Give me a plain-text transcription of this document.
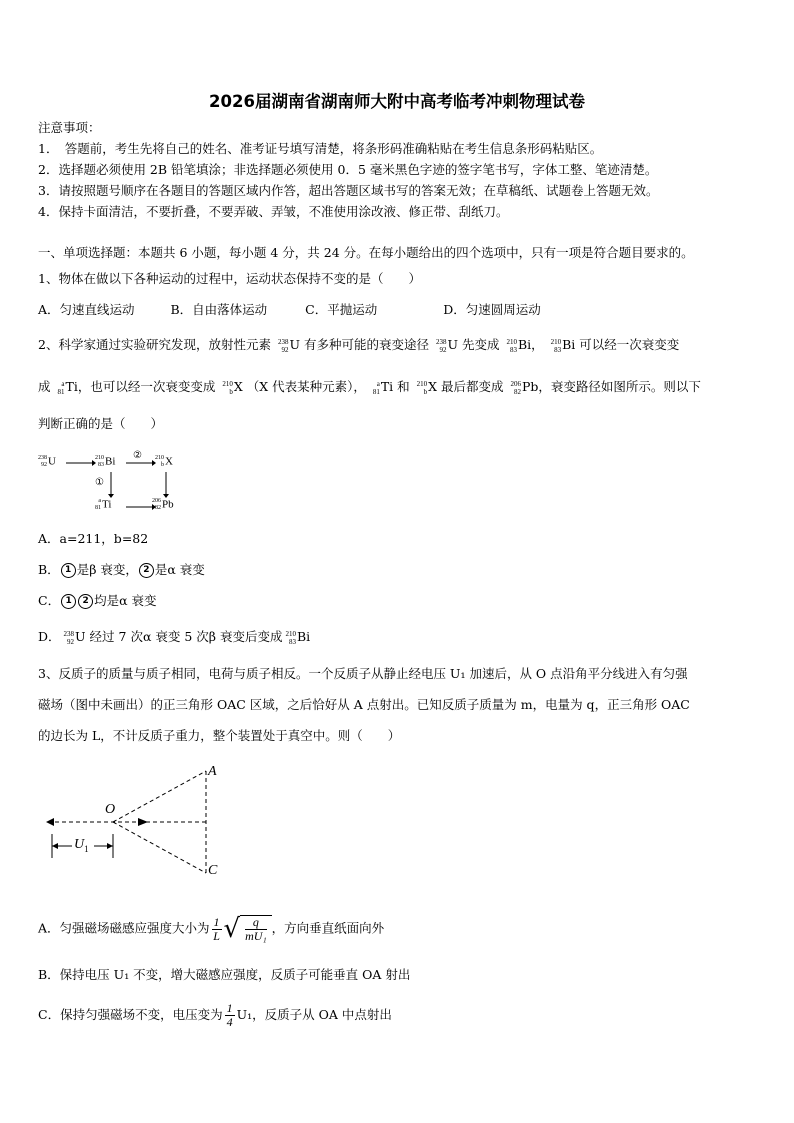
2026届湖南省湖南师大附中高考临考冲刺物理试卷
注意事项：
1．　答题前，考生先将自己的姓名、准考证号填写清楚，将条形码准确粘贴在考生信息条形码粘贴区。
2．选择题必须使用 2B 铅笔填涂；非选择题必须使用 0．5 毫米黑色字迹的签字笔书写，字体工整、笔迹清楚。
3．请按照题号顺序在各题目的答题区域内作答，超出答题区域书写的答案无效；在草稿纸、试题卷上答题无效。
4．保持卡面清洁，不要折叠，不要弄破、弄皱，不准使用涂改液、修正带、刮纸刀。
一、单项选择题：本题共 6 小题，每小题 4 分，共 24 分。在每小题给出的四个选项中，只有一项是符合题目要求的。
1、物体在做以下各种运动的过程中，运动状态保持不变的是（　　）
A．匀速直线运动	B．自由落体运动	C．平抛运动	D．匀速圆周运动
2、科学家通过实验研究发现，放射性元素 238
92 U 有多种可能的衰变途径 238
92 U 先变成 210
83 Bi， 210
83 Bi 可以经一次衰变变
成	a
81 Ti，也可以经一次衰变变成 210
b X （X 代表某种元素），	a
81 Ti 和 210
b X 最后都变成 206
82 Pb，衰变路径如图所示。则以下
判断正确的是（　　）
238
92 U	210
83 Bi
② 210
b X
①
a
81 Ti	206
82 Pb
A．a=211，b=82
B． 1 是β 衰变， 2 是α 衰变
C． 1 2 均是α 衰变
D． 238
92 U 经过 7 次α 衰变 5 次β 衰变后变成 210
83 Bi
3、反质子的质量与质子相同，电荷与质子相反。一个反质子从静止经电压 U₁ 加速后，从 O 点沿角平分线进入有匀强
磁场（图中未画出）的正三角形 OAC 区域，之后恰好从 A 点射出。已知反质子质量为 m，电量为 q，正三角形 OAC
的边长为 L，不计反质子重力，整个装置处于真空中。则（　　）
A
O
C
$U_1$
A．匀强磁场磁感应强度大小为 $\frac{1}{L}$ √ $\frac{q}{\text{mU₁}}$ ，方向垂直纸面向外
B．保持电压 U₁ 不变，增大磁感应强度，反质子可能垂直 OA 射出
C．保持匀强磁场不变，电压变为 $\frac{1}{4} U_1$，反质子从 OA 中点射出
